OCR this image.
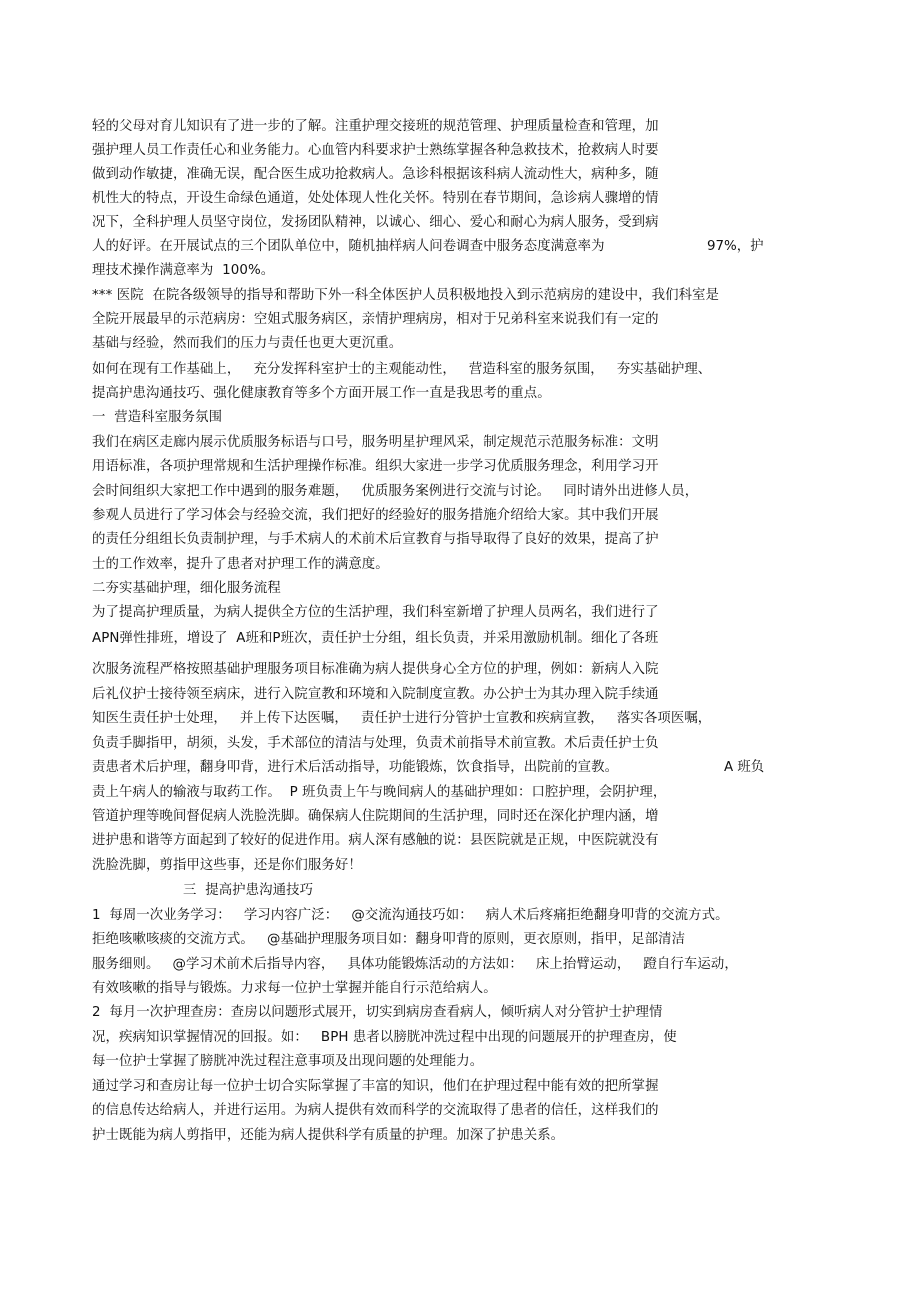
轻的父母对育儿知识有了进一步的了解。注重护理交接班的规范管理、护理质量检查和管理，加
强护理人员工作责任心和业务能力。心血管内科要求护士熟练掌握各种急救技术，抢救病人时要
做到动作敏捷，准确无误，配合医生成功抢救病人。急诊科根据该科病人流动性大，病种多，随
机性大的特点，开设生命绿色通道，处处体现人性化关怀。特别在春节期间，急诊病人骤增的情
况下，全科护理人员坚守岗位，发扬团队精神，以诚心、细心、爱心和耐心为病人服务，受到病
人的好评。在开展试点的三个团队单位中，随机抽样病人问卷调查中服务态度满意率为	97%，护
理技术操作满意率为  100%。
*** 医院  在院各级领导的指导和帮助下外一科全体医护人员积极地投入到示范病房的建设中，我们科室是
全院开展最早的示范病房：空姐式服务病区，亲情护理病房，相对于兄弟科室来说我们有一定的
基础与经验，然而我们的压力与责任也更大更沉重。
如何在现有工作基础上，   充分发挥科室护士的主观能动性，   营造科室的服务氛围，   夯实基础护理、
提高护患沟通技巧、强化健康教育等多个方面开展工作一直是我思考的重点。
一  营造科室服务氛围
我们在病区走廊内展示优质服务标语与口号，服务明星护理风采，制定规范示范服务标准：文明
用语标准，各项护理常规和生活护理操作标准。组织大家进一步学习优质服务理念，利用学习开
会时间组织大家把工作中遇到的服务难题，   优质服务案例进行交流与讨论。   同时请外出进修人员，
参观人员进行了学习体会与经验交流，我们把好的经验好的服务措施介绍给大家。其中我们开展
的责任分组组长负责制护理，与手术病人的术前术后宣教育与指导取得了良好的效果，提高了护
士的工作效率，提升了患者对护理工作的满意度。
二夯实基础护理，细化服务流程
为了提高护理质量，为病人提供全方位的生活护理，我们科室新增了护理人员两名，我们进行了
APN弹性排班，增设了  A班和P班次，责任护士分组，组长负责，并采用激励机制。细化了各班
次服务流程严格按照基础护理服务项目标准确为病人提供身心全方位的护理，例如：新病人入院
后礼仪护士接待领至病床，进行入院宣教和环境和入院制度宣教。办公护士为其办理入院手续通
知医生责任护士处理，   并上传下达医嘱，   责任护士进行分管护士宣教和疾病宣教，   落实各项医嘱，
负责手脚指甲，胡须，头发，手术部位的清洁与处理，负责术前指导术前宣教。术后责任护士负
责患者术后护理，翻身叩背，进行术后活动指导，功能锻炼，饮食指导，出院前的宣教。	A 班负
责上午病人的输液与取药工作。  P 班负责上午与晚间病人的基础护理如：口腔护理，会阴护理，
管道护理等晚间督促病人洗脸洗脚。确保病人住院期间的生活护理，同时还在深化护理内涵，增
进护患和谐等方面起到了较好的促进作用。病人深有感触的说：县医院就是正规，中医院就没有
洗脸洗脚，剪指甲这些事，还是你们服务好！
三  提高护患沟通技巧
1  每周一次业务学习：   学习内容广泛：   @交流沟通技巧如：   病人术后疼痛拒绝翻身叩背的交流方式。
拒绝咳嗽咳痰的交流方式。   @基础护理服务项目如：翻身叩背的原则，更衣原则，指甲，足部清洁
服务细则。   @学习术前术后指导内容，   具体功能锻炼活动的方法如：   床上抬臂运动，   蹬自行车运动，
有效咳嗽的指导与锻炼。力求每一位护士掌握并能自行示范给病人。
2  每月一次护理查房：查房以问题形式展开，切实到病房查看病人，倾听病人对分管护士护理情
况，疾病知识掌握情况的回报。如：   BPH 患者以膀胱冲洗过程中出现的问题展开的护理查房，使
每一位护士掌握了膀胱冲洗过程注意事项及出现问题的处理能力。
通过学习和查房让每一位护士切合实际掌握了丰富的知识，他们在护理过程中能有效的把所掌握
的信息传达给病人，并进行运用。为病人提供有效而科学的交流取得了患者的信任，这样我们的
护士既能为病人剪指甲，还能为病人提供科学有质量的护理。加深了护患关系。
